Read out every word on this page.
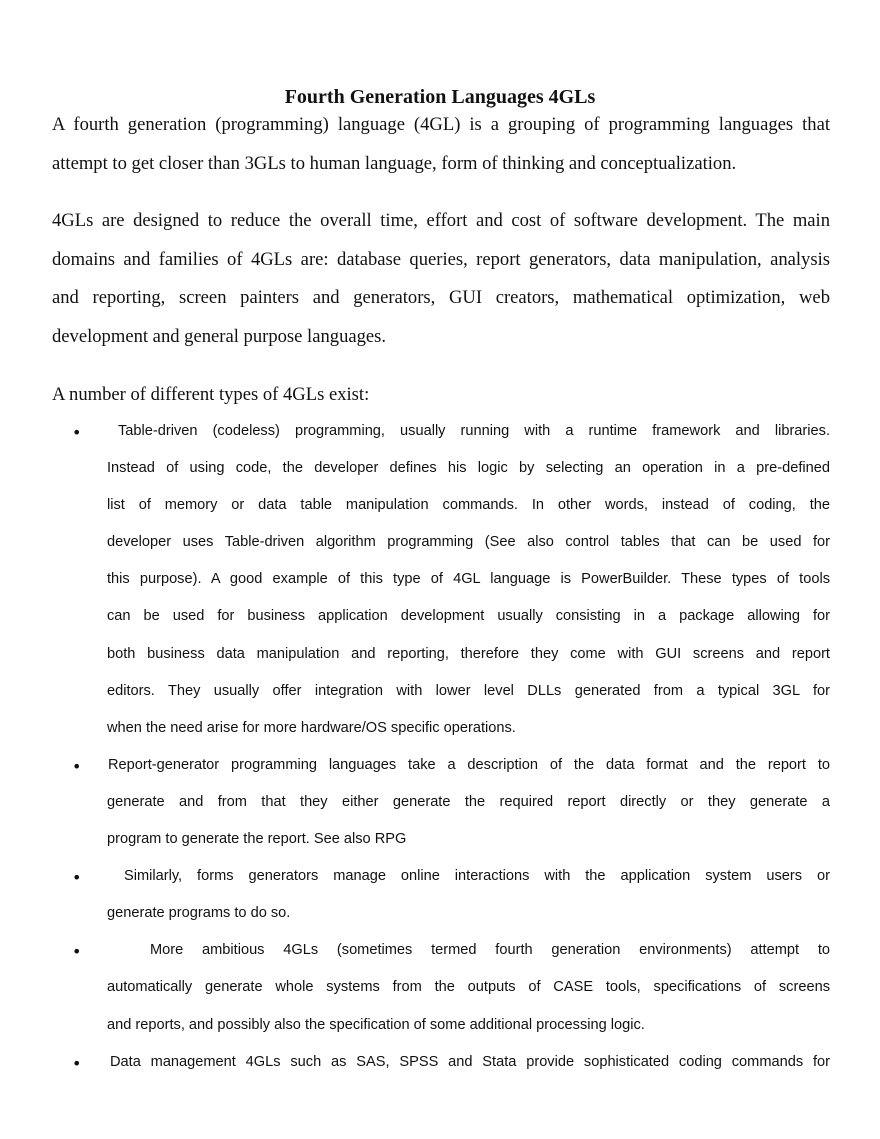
Fourth Generation Languages 4GLs
A fourth generation (programming) language (4GL) is a grouping of programming languages that
attempt to get closer than 3GLs to human language, form of thinking and conceptualization.
4GLs are designed to reduce the overall time, effort and cost of software development. The main
domains and families of 4GLs are: database queries, report generators, data manipulation, analysis
and reporting, screen painters and generators, GUI creators, mathematical optimization, web
development and general purpose languages.
A number of different types of 4GLs exist:
•	Table-driven (codeless) programming, usually running with a runtime framework and libraries.
Instead of using code, the developer defines his logic by selecting an operation in a pre-defined
list of memory or data table manipulation commands. In other words, instead of coding, the
developer uses Table-driven algorithm programming (See also control tables that can be used for
this purpose). A good example of this type of 4GL language is PowerBuilder. These types of tools
can be used for business application development usually consisting in a package allowing for
both business data manipulation and reporting, therefore they come with GUI screens and report
editors. They usually offer integration with lower level DLLs generated from a typical 3GL for
when the need arise for more hardware/OS specific operations.
• Report-generator programming languages take a description of the data format and the report to
generate and from that they either generate the required report directly or they generate a
program to generate the report. See also RPG
•	Similarly, forms generators manage online interactions with the application system users or
generate programs to do so.
•	More ambitious 4GLs (sometimes termed fourth generation environments) attempt to
automatically generate whole systems from the outputs of CASE tools, specifications of screens
and reports, and possibly also the specification of some additional processing logic.
• Data management 4GLs such as SAS, SPSS and Stata provide sophisticated coding commands for
